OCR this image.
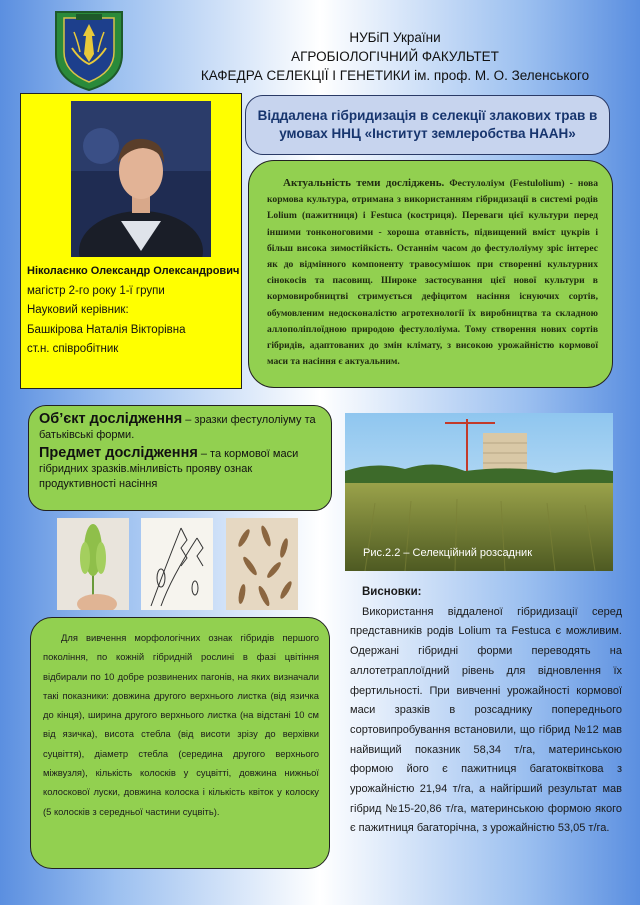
НУБіП України
АГРОБІОЛОГІЧНИЙ ФАКУЛЬТЕТ
КАФЕДРА СЕЛЕКЦІЇ І ГЕНЕТИКИ ім. проф. М. О. Зеленського
Ніколаєнко Олександр Олександрович
магістр 2-го року 1-ї групи
Науковий керівник:
Башкірова Наталія Вікторівна
ст.н. співробітник
Віддалена гібридизація в селекції злакових трав в умовах ННЦ «Інститут землеробства НААН»
Актуальність теми досліджень. Фестулоліум (Festulolium) - нова кормова культура, отримана з використанням гібридизації в системі родів Lolium (пажитниця) і Festuca (костриця). Переваги цієї культури перед іншими тонконоговими - хороша отавність, підвищений вміст цукрів і більш висока зимостійкість. Останнім часом до фестулоліуму зріс інтерес як до відмінного компоненту травосумішок при створенні культурних сінокосів та пасовищ. Широке застосування цієї нової культури в кормовиробництві стримується дефіцитом насіння існуючих сортів, обумовленим недосконалістю агротехнології їх виробництва та складною аллополіплоїдною природою фестулоліума. Тому створення нових сортів гібридів, адаптованих до змін клімату, з високою урожайністю кормової маси та насіння є актуальним.

Об’єкт дослідження – зразки фестулоліуму та батьківські форми.

Предмет дослідження – та кормової маси гібридних зразків.мінливість прояву ознак продуктивності насіння

Рис.2.2 – Селекційний розсадник
Для вивчення морфологічних ознак гібридів першого покоління, по кожній гібридній рослині в фазі цвітіння відбирали по 10 добре розвинених пагонів, на яких визначали такі показники: довжина другого верхнього листка (від язичка до кінця), ширина другого верхнього листка (на відстані 10 см від язичка), висота стебла (від висоти зрізу до верхівки суцвіття), діаметр стебла (середина другого верхнього міжвузля), кількість колосків у суцвітті, довжина нижньої колоскової луски, довжина колоска і кількість квіток у колоску (5 колосків з середньої частини суцвіть).
Висновки:
Використання віддаленої гібридизації серед представників родів Lolium та Festuca є можливим. Одержані гібридні форми переводять на аллотетраплоїдний рівень для відновлення їх фертильності. При вивченні урожайності кормової маси зразків в розсаднику попереднього сортовипробування встановили, що гібрид №12 мав найвищий показник 58,34 т/га, материнською формою його є пажитниця багатоквіткова з урожайністю 21,94 т/га, а найгірший результат мав гібрид №15-20,86 т/га, материнською формою якого є пажитниця багаторічна, з урожайністю 53,05 т/га.
